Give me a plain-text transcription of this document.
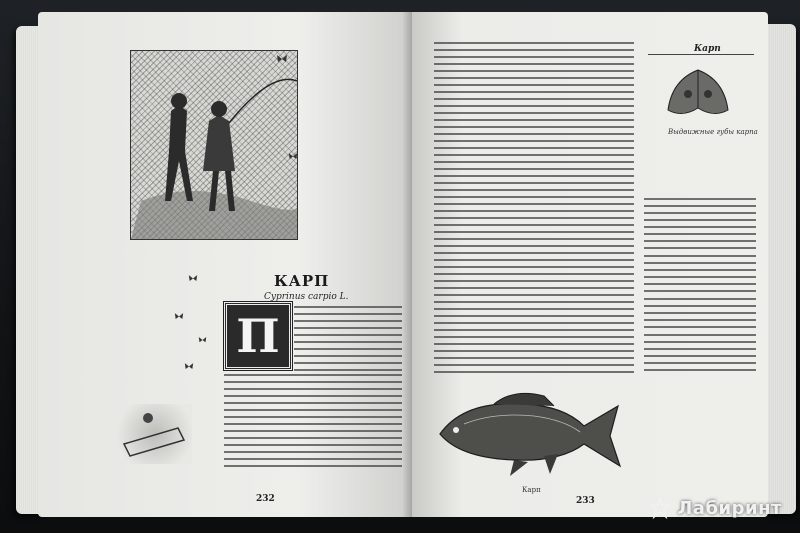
КАРП
Cyprinus carpio L.
П
232
Карп
Выдвижные губы карпа
Карп
233	Лабиринт
